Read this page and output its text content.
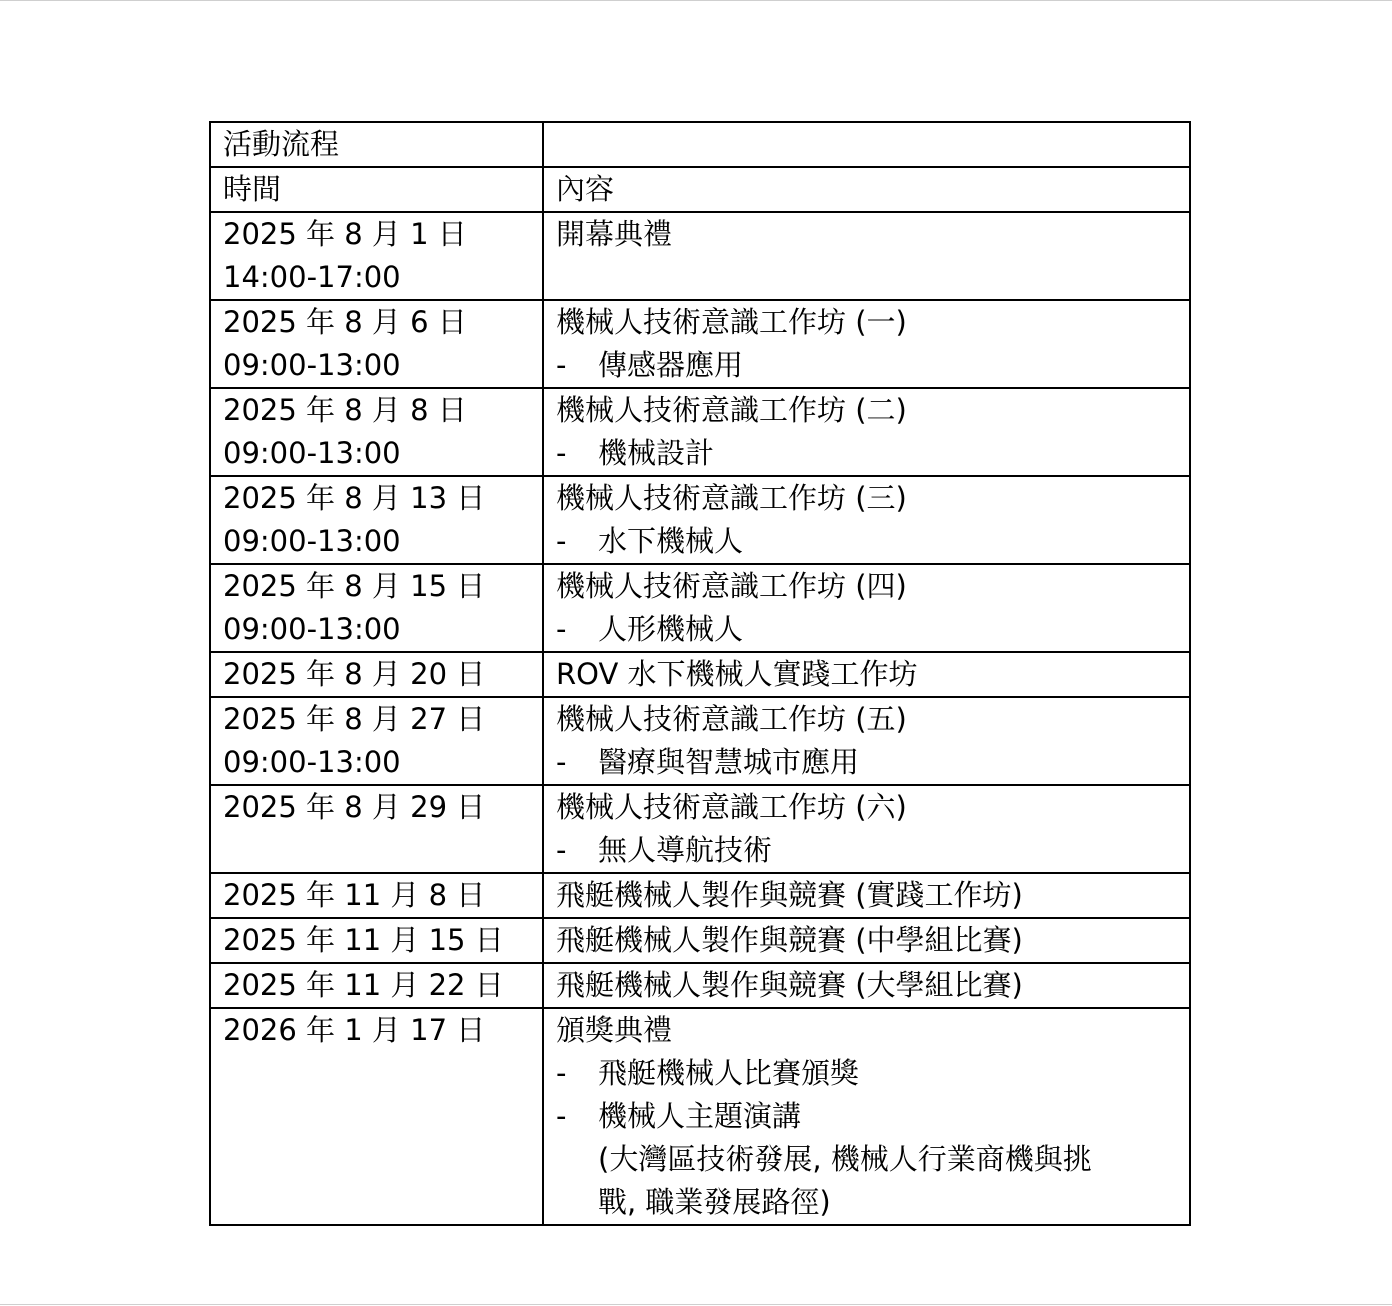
活動流程	
時間	內容

2025 年 8 月 1 日
14:00-17:00	開幕典禮

2025 年 8 月 6 日
09:00-13:00	機械人技術意識工作坊 (一)
- 傳感器應用

2025 年 8 月 8 日
09:00-13:00	機械人技術意識工作坊 (二)
- 機械設計

2025 年 8 月 13 日
09:00-13:00	機械人技術意識工作坊 (三)
- 水下機械人

2025 年 8 月 15 日
09:00-13:00	機械人技術意識工作坊 (四)
- 人形機械人

2025 年 8 月 20 日	ROV 水下機械人實踐工作坊

2025 年 8 月 27 日
09:00-13:00	機械人技術意識工作坊 (五)
- 醫療與智慧城市應用

2025 年 8 月 29 日	機械人技術意識工作坊 (六)
- 無人導航技術

2025 年 11 月 8 日	飛艇機械人製作與競賽 (實踐工作坊)

2025 年 11 月 15 日	飛艇機械人製作與競賽 (中學組比賽)

2025 年 11 月 22 日	飛艇機械人製作與競賽 (大學組比賽)

2026 年 1 月 17 日	頒獎典禮
- 飛艇機械人比賽頒獎
- 機械人主題演講
(大灣區技術發展, 機械人行業商機與挑
戰, 職業發展路徑)
